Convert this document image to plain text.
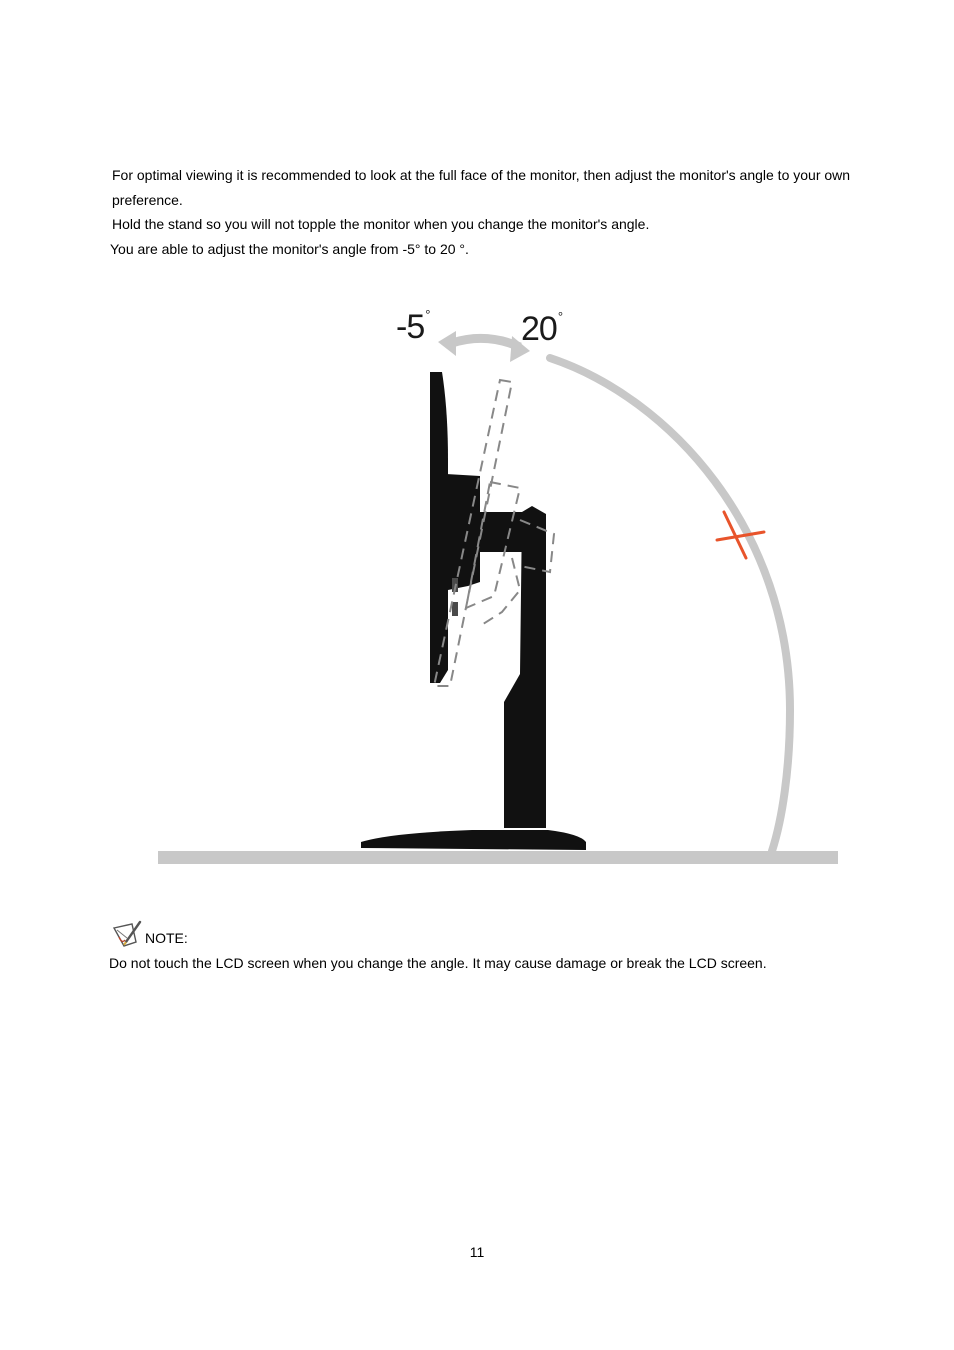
For optimal viewing it is recommended to look at the full face of the monitor, then adjust the monitor's angle to your own preference.

Hold the stand so you will not topple the monitor when you change the monitor's angle.

You are able to adjust the monitor's angle from -5° to 20 °.

-5°	20°
NOTE:

Do not touch the LCD screen when you change the angle. It may cause damage or break the LCD screen.

11
